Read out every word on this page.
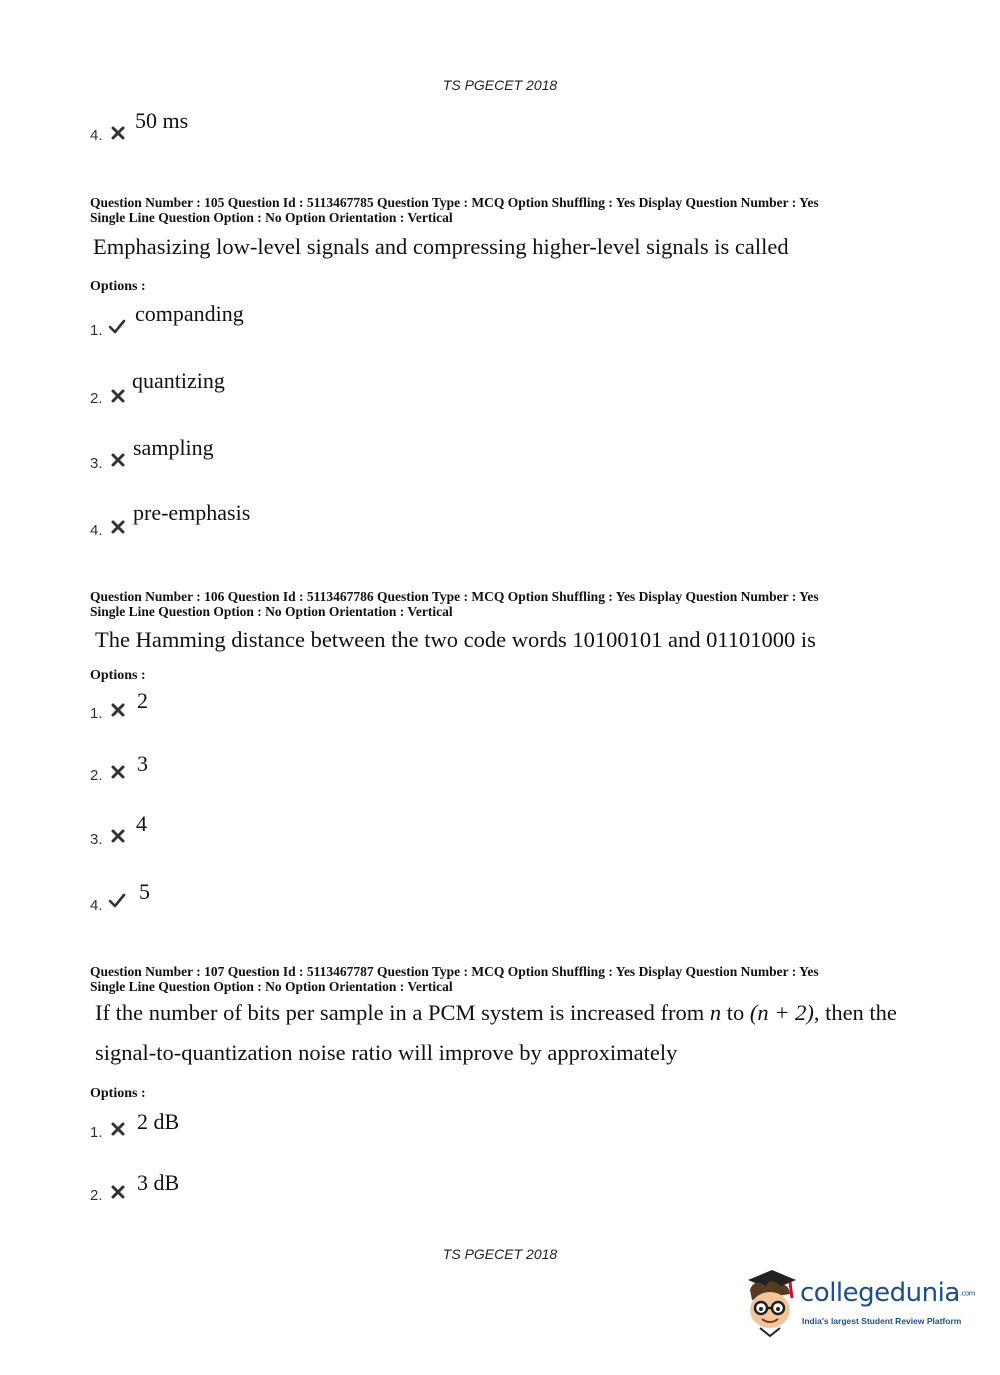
TS PGECET 2018
4.
50 ms
Question Number : 105 Question Id : 5113467785 Question Type : MCQ Option Shuffling : Yes Display Question Number : Yes
Single Line Question Option : No Option Orientation : Vertical
Emphasizing low-level signals and compressing higher-level signals is called
Options :
1.
companding
2.
quantizing
3.
sampling
4.
pre-emphasis
Question Number : 106 Question Id : 5113467786 Question Type : MCQ Option Shuffling : Yes Display Question Number : Yes
Single Line Question Option : No Option Orientation : Vertical
The Hamming distance between the two code words 10100101 and 01101000 is
Options :
1.
2
2. 3
3.
4
4.
5
Question Number : 107 Question Id : 5113467787 Question Type : MCQ Option Shuffling : Yes Display Question Number : Yes
Single Line Question Option : No Option Orientation : Vertical
If the number of bits per sample in a PCM system is increased from n to (n + 2), then the
signal-to-quantization noise ratio will improve by approximately
Options :
1. 2 dB
2.
3 dB
TS PGECET 2018
collegedunia.com
India's largest Student Review Platform
